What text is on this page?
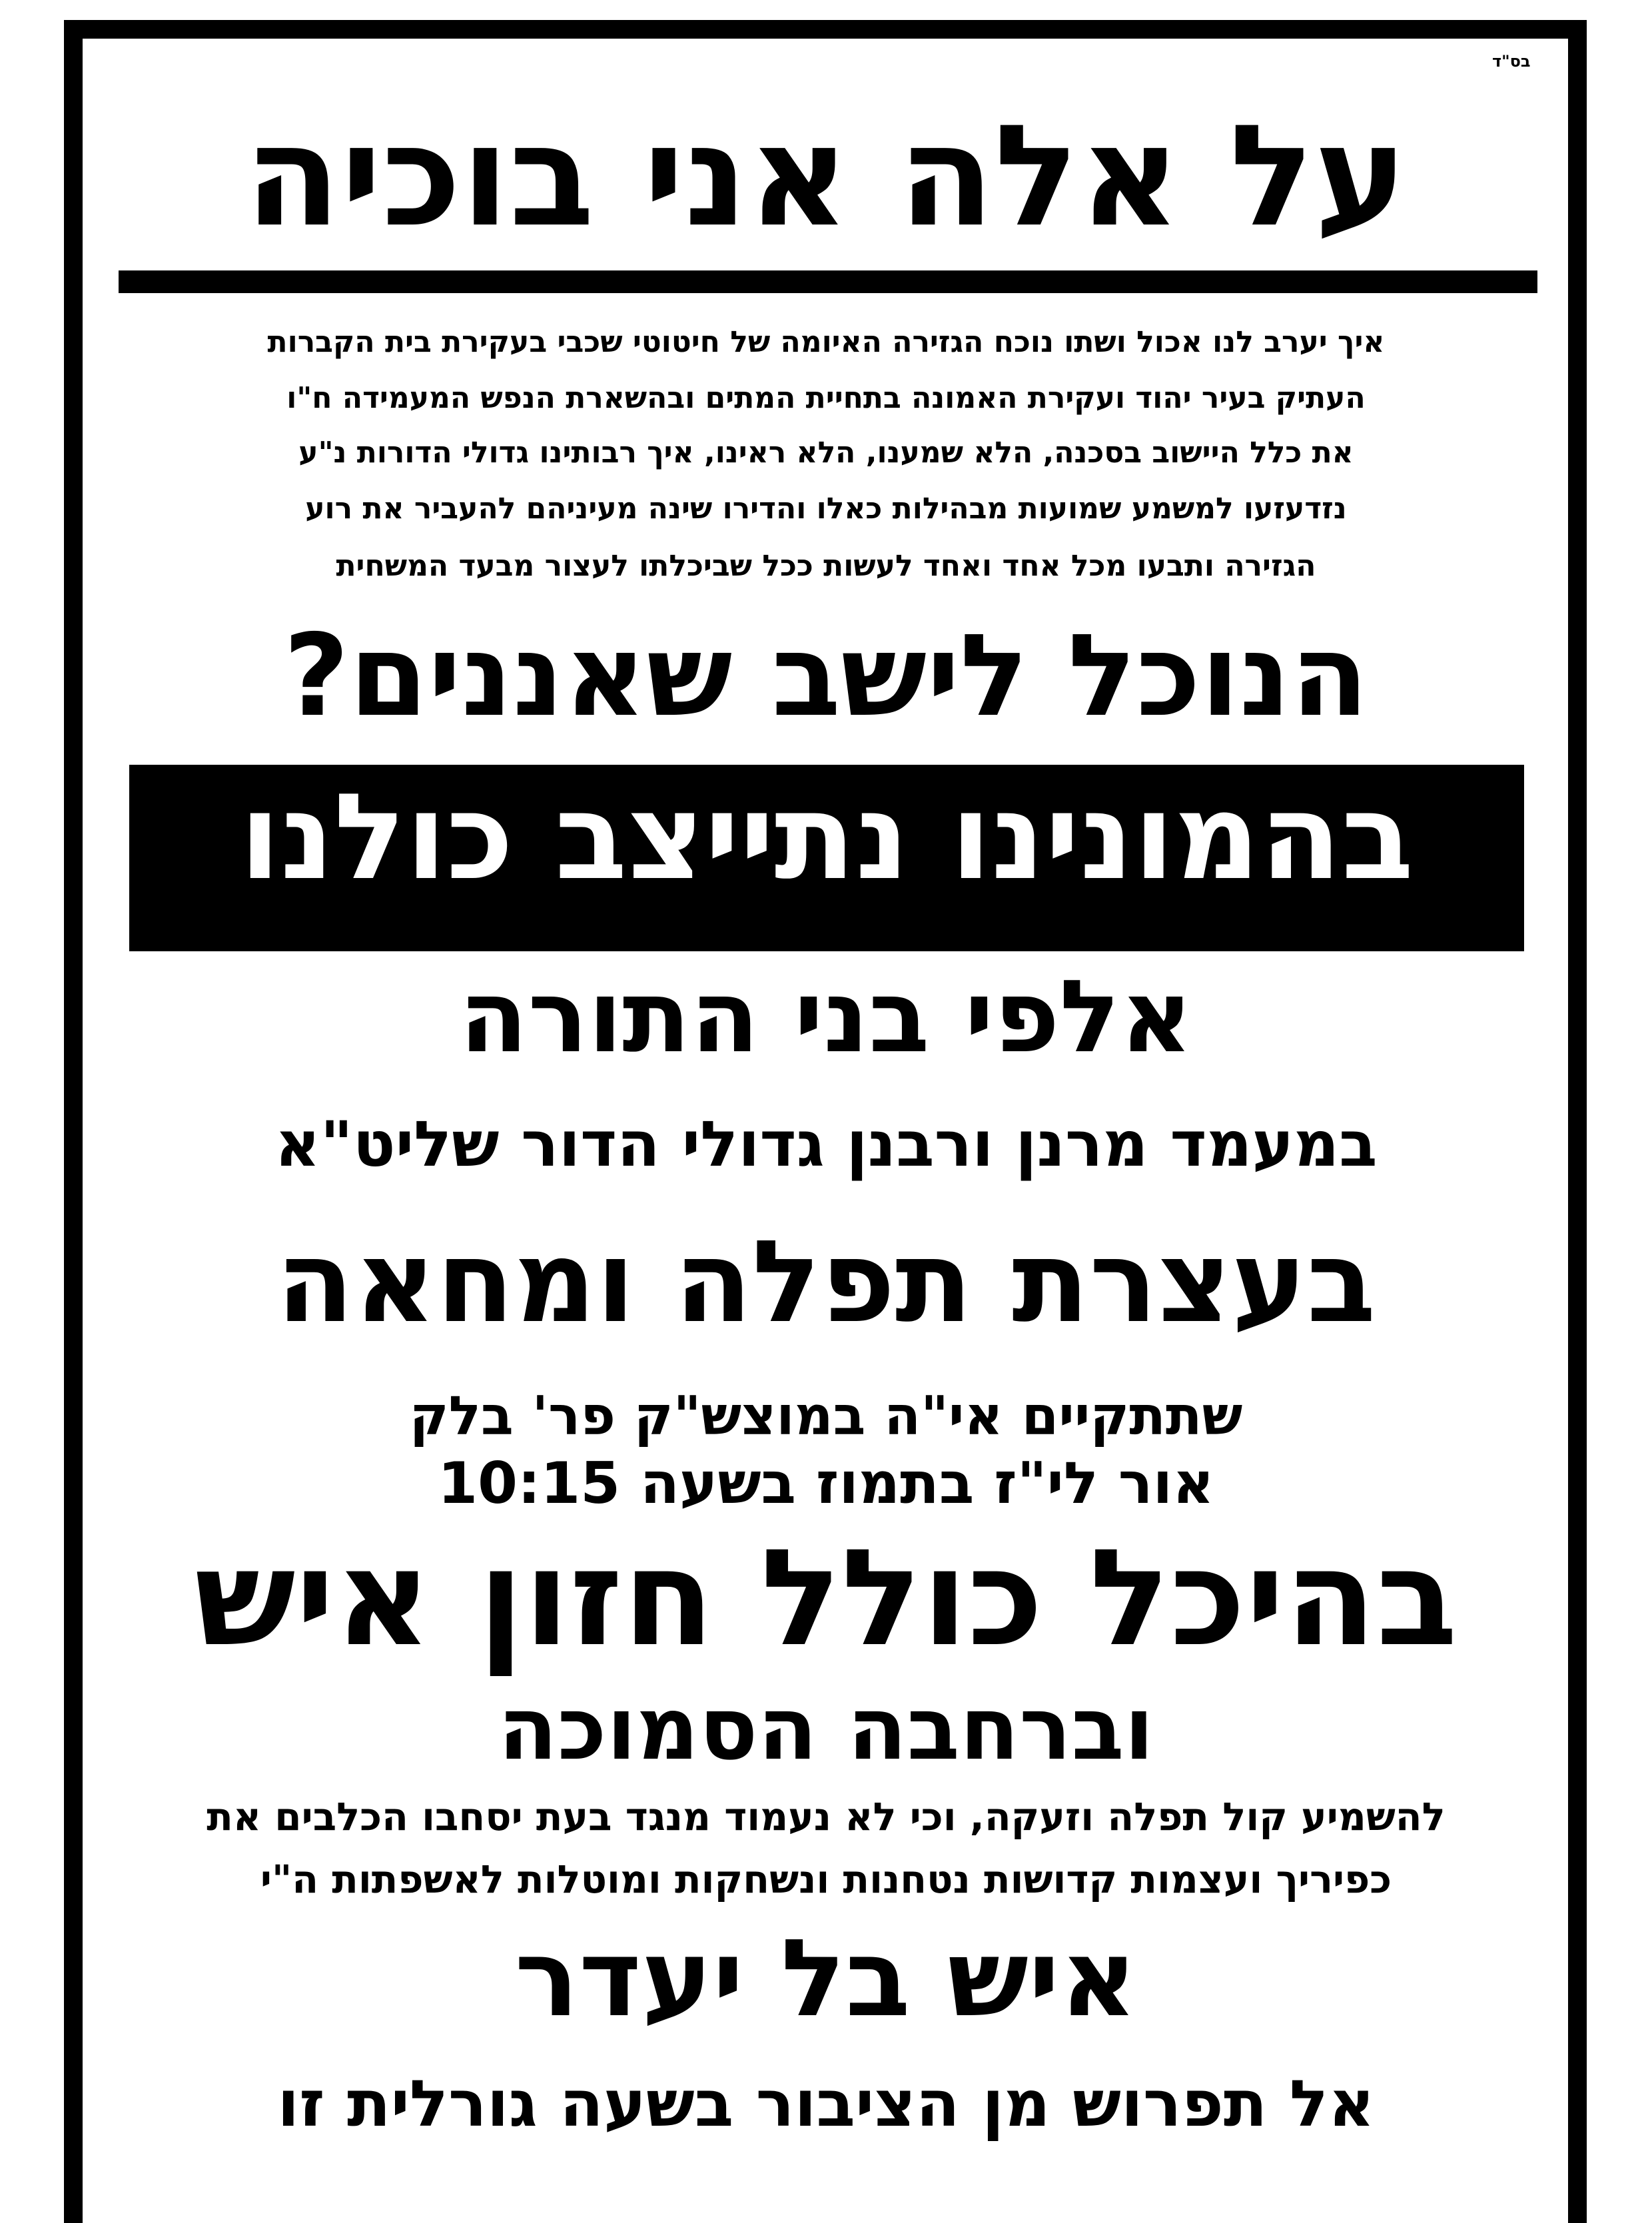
בס"ד
על אלה אני בוכיה
איך יערב לנו אכול ושתו נוכח הגזירה האיומה של חיטוטי שכבי בעקירת בית הקברות
העתיק בעיר יהוד ועקירת האמונה בתחיית המתים ובהשארת הנפש המעמידה ח"ו
את כלל היישוב בסכנה, הלא שמענו, הלא ראינו, איך רבותינו גדולי הדורות נ"ע
נזדעזעו למשמע שמועות מבהילות כאלו והדירו שינה מעיניהם להעביר את רוע
הגזירה ותבעו מכל אחד ואחד לעשות ככל שביכלתו לעצור מבעד המשחית
הנוכל לישב שאננים?
בהמונינו נתייצב כולנו
אלפי בני התורה
במעמד מרנן ורבנן גדולי הדור שליט"א
בעצרת תפלה ומחאה
שתתקיים אי"ה במוצש"ק פר' בלק
אור לי"ז בתמוז בשעה 10:15
בהיכל כולל חזון איש
וברחבה הסמוכה
להשמיע קול תפלה וזעקה, וכי לא נעמוד מנגד בעת יסחבו הכלבים את
כפיריך ועצמות קדושות נטחנות ונשחקות ומוטלות לאשפתות ה"י
איש בל יעדר
אל תפרוש מן הציבור בשעה גורלית זו
